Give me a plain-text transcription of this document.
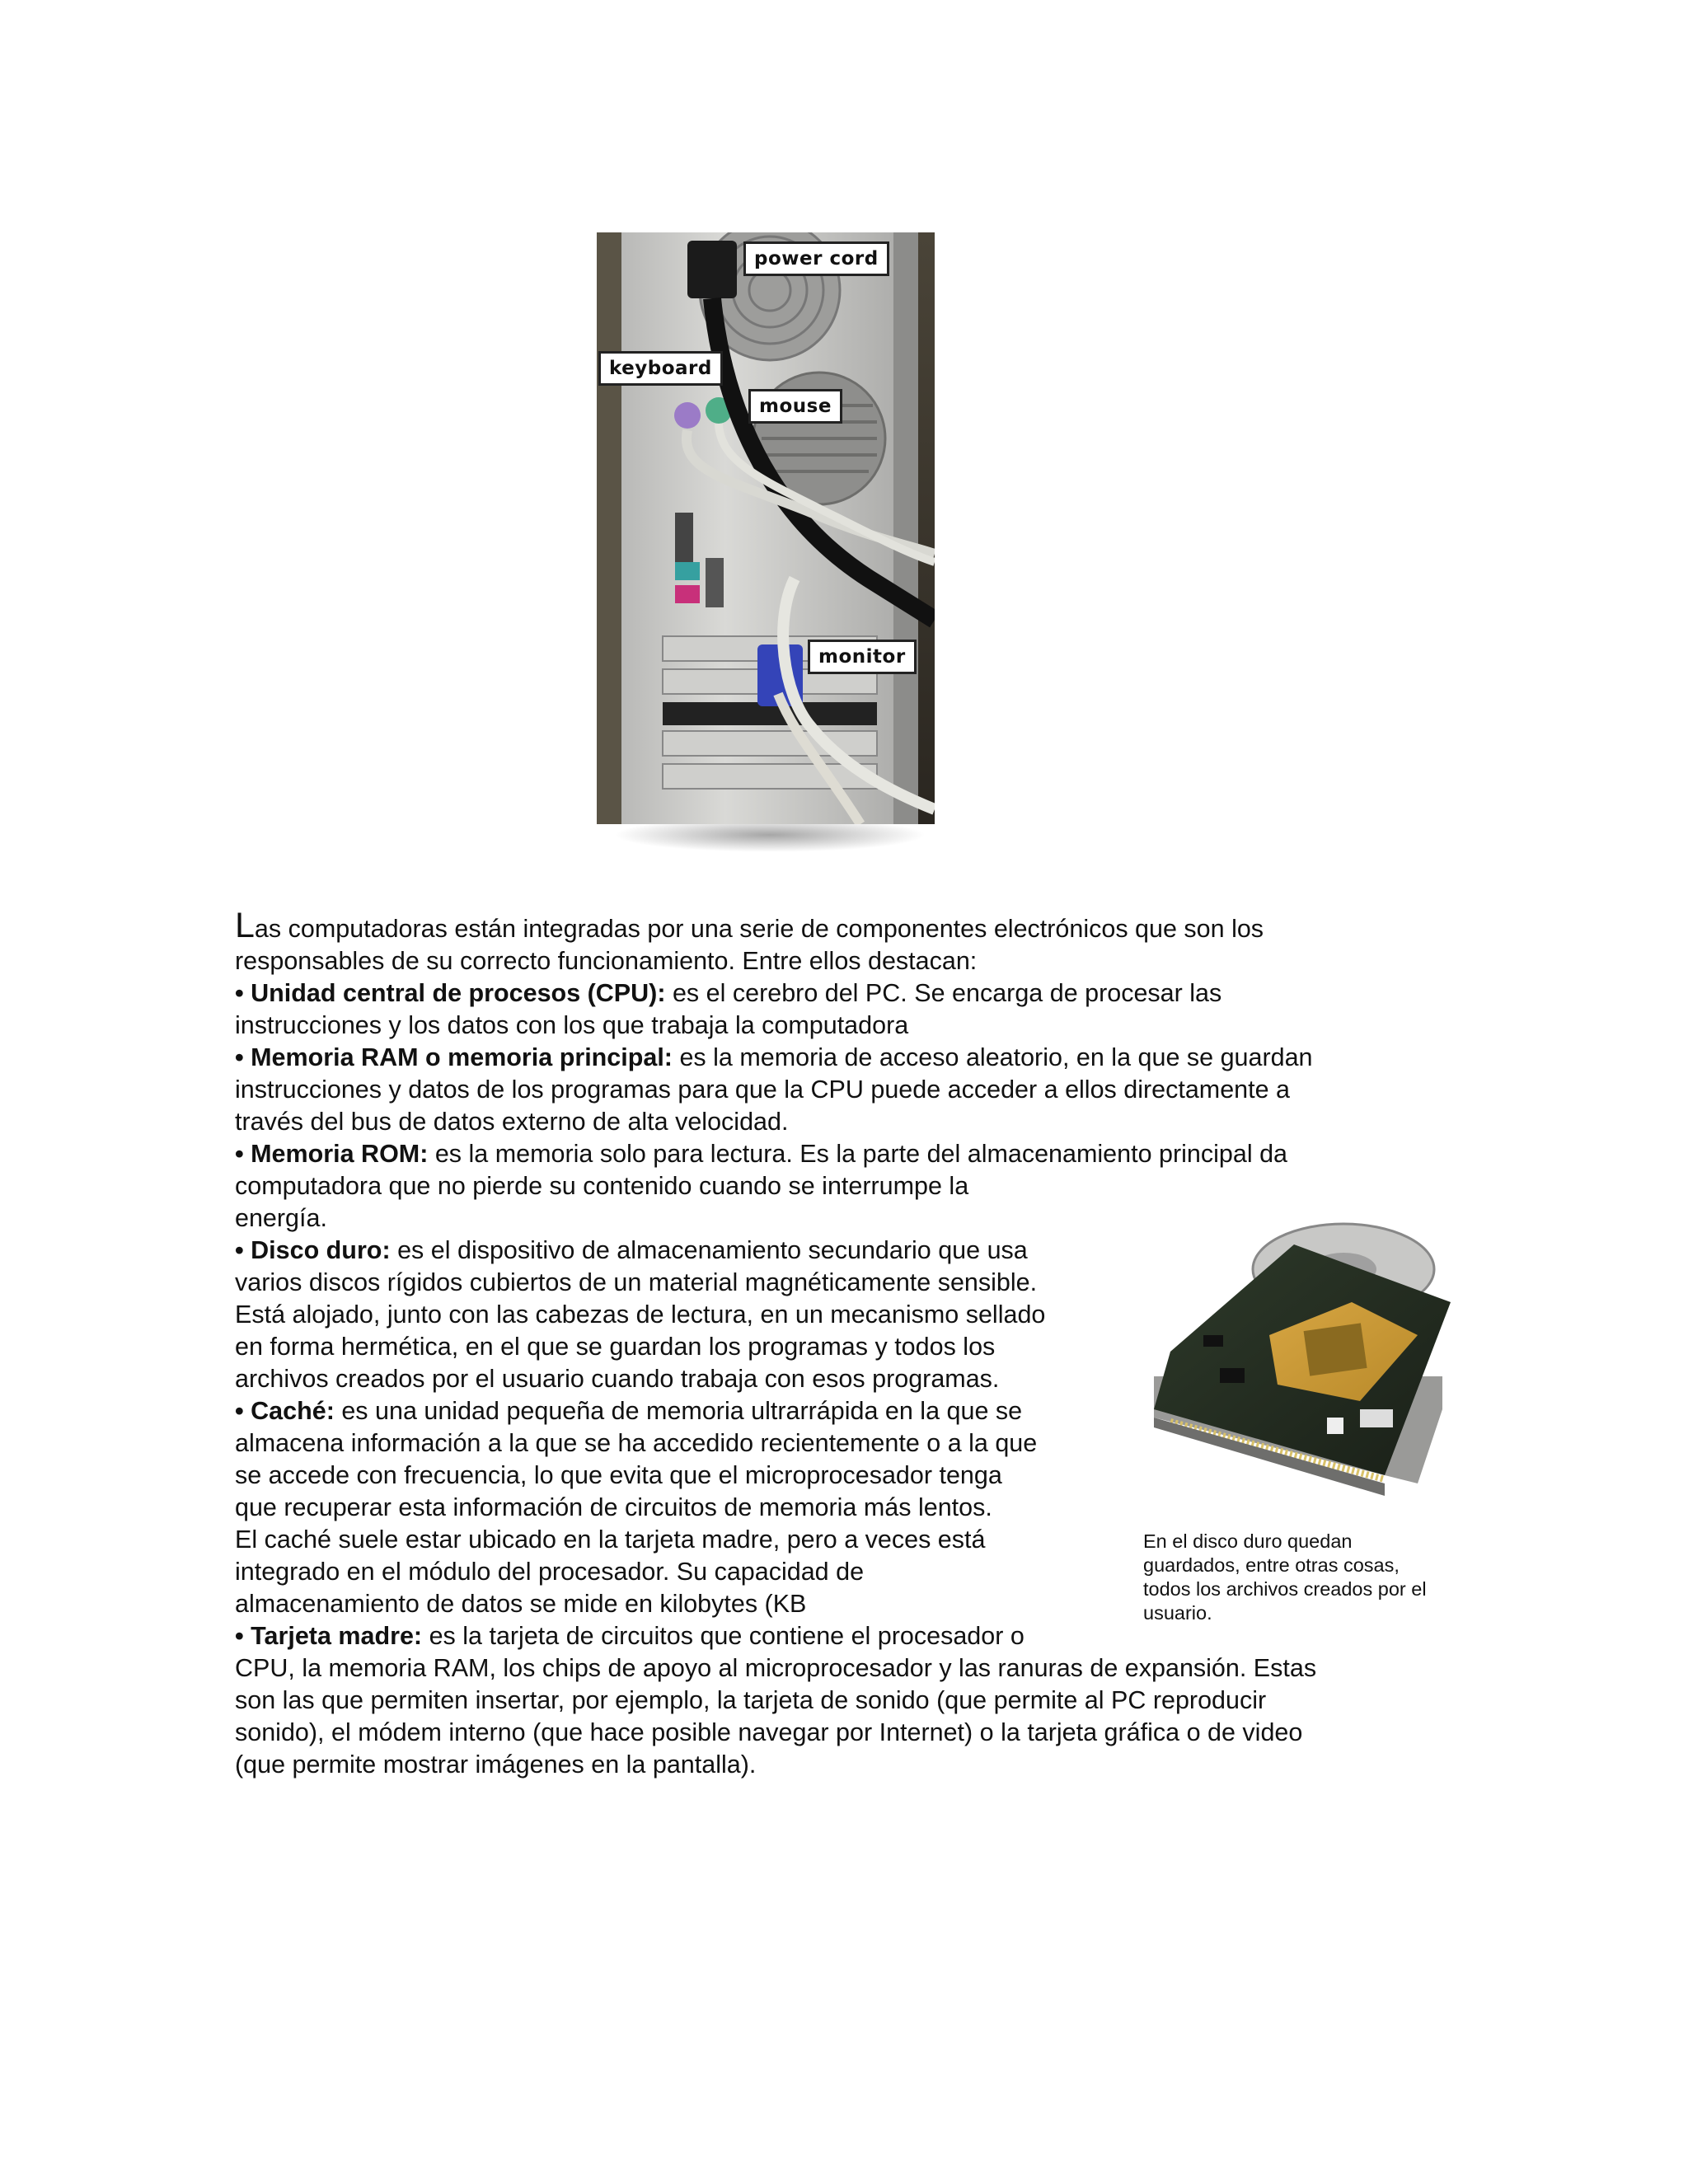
power cord
keyboard
mouse
monitor
Las computadoras están integradas por una serie de componentes electrónicos que son los
responsables de su correcto funcionamiento. Entre ellos destacan:
• Unidad central de procesos (CPU): es el cerebro del PC. Se encarga de procesar las
instrucciones y los datos con los que trabaja la computadora
• Memoria RAM o memoria principal: es la memoria de acceso aleatorio, en la que se guardan
instrucciones y datos de los programas para que la CPU puede acceder a ellos directamente a
través del bus de datos externo de alta velocidad.
• Memoria ROM: es la memoria solo para lectura. Es la parte del almacenamiento principal da
computadora que no pierde su contenido cuando se interrumpe la
energía.
• Disco duro: es el dispositivo de almacenamiento secundario que usa
varios discos rígidos cubiertos de un material magnéticamente sensible.
Está alojado, junto con las cabezas de lectura, en un mecanismo sellado
en forma hermética, en el que se guardan los programas y todos los
archivos creados por el usuario cuando trabaja con esos programas.
• Caché: es una unidad pequeña de memoria ultrarrápida en la que se
almacena información a la que se ha accedido recientemente o a la que
se accede con frecuencia, lo que evita que el microprocesador tenga
que recuperar esta información de circuitos de memoria más lentos.
El caché suele estar ubicado en la tarjeta madre, pero a veces está
integrado en el módulo del procesador. Su capacidad de
almacenamiento de datos se mide en kilobytes (KB
• Tarjeta madre: es la tarjeta de circuitos que contiene el procesador o
CPU, la memoria RAM, los chips de apoyo al microprocesador y las ranuras de expansión. Estas
son las que permiten insertar, por ejemplo, la tarjeta de sonido (que permite al PC reproducir
sonido), el módem interno (que hace posible navegar por Internet) o la tarjeta gráfica o de video
(que permite mostrar imágenes en la pantalla).
En el disco duro quedan
guardados, entre otras cosas,
todos los archivos creados por el
usuario.
